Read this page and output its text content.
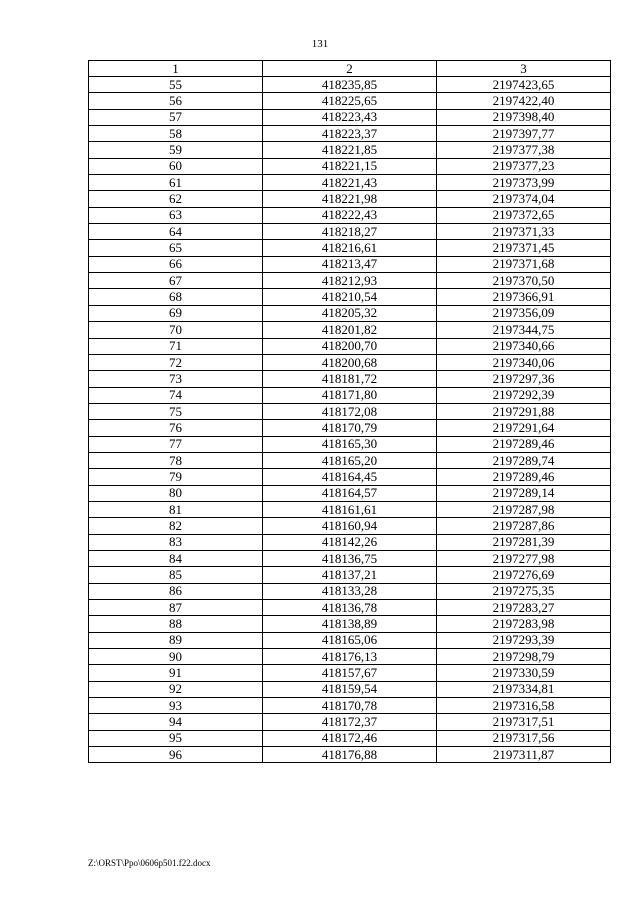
131
1	2	3
55	418235,85	2197423,65
56	418225,65	2197422,40
57	418223,43	2197398,40
58	418223,37	2197397,77
59	418221,85	2197377,38
60	418221,15	2197377,23
61	418221,43	2197373,99
62	418221,98	2197374,04
63	418222,43	2197372,65
64	418218,27	2197371,33
65	418216,61	2197371,45
66	418213,47	2197371,68
67	418212,93	2197370,50
68	418210,54	2197366,91
69	418205,32	2197356,09
70	418201,82	2197344,75
71	418200,70	2197340,66
72	418200,68	2197340,06
73	418181,72	2197297,36
74	418171,80	2197292,39
75	418172,08	2197291,88
76	418170,79	2197291,64
77	418165,30	2197289,46
78	418165,20	2197289,74
79	418164,45	2197289,46
80	418164,57	2197289,14
81	418161,61	2197287,98
82	418160,94	2197287,86
83	418142,26	2197281,39
84	418136,75	2197277,98
85	418137,21	2197276,69
86	418133,28	2197275,35
87	418136,78	2197283,27
88	418138,89	2197283,98
89	418165,06	2197293,39
90	418176,13	2197298,79
91	418157,67	2197330,59
92	418159,54	2197334,81
93	418170,78	2197316,58
94	418172,37	2197317,51
95	418172,46	2197317,56
96	418176,88	2197311,87
Z:\ORST\Ppo\0606p501.f22.docx
